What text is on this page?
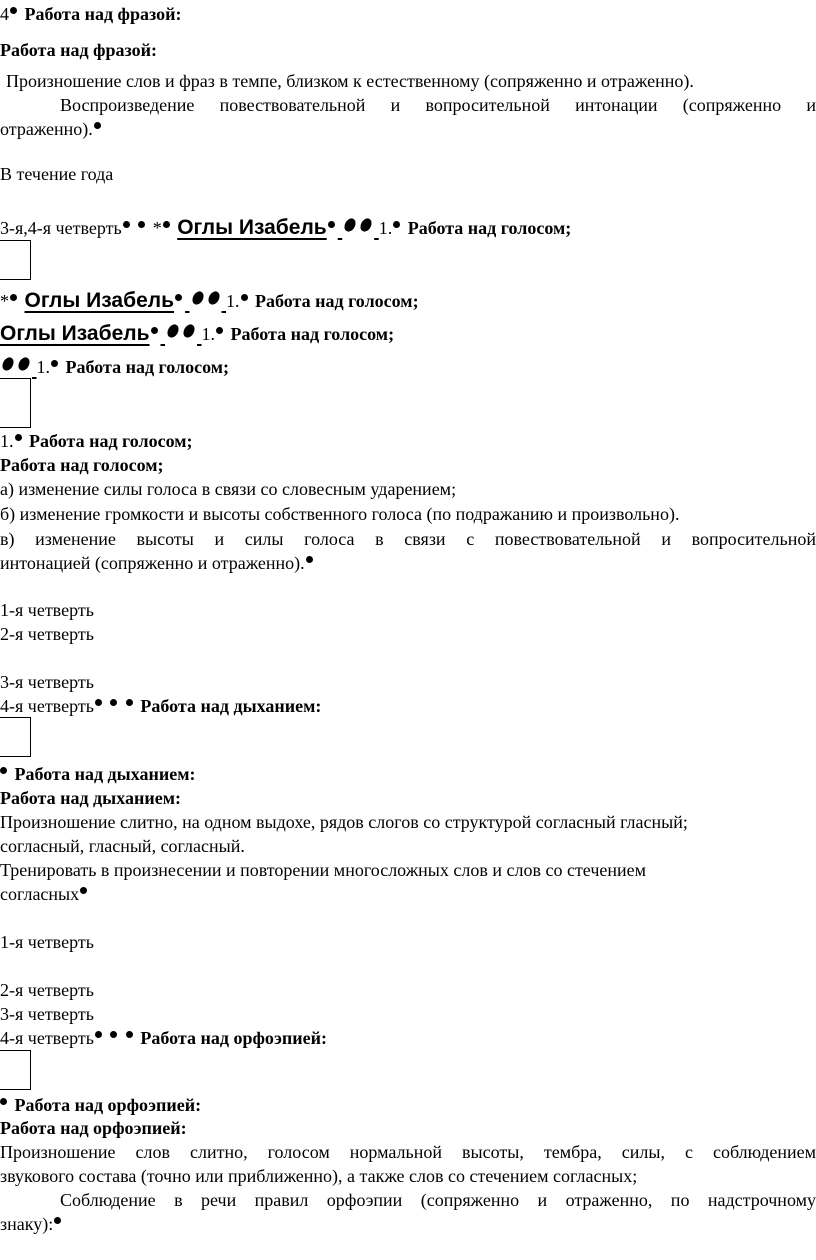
4 Работа над фразой:
Работа над фразой:
Произношение слов и фраз в темпе, близком к естественному (сопряженно и отраженно).
Воспроизведение повествовательной и вопросительной интонации (сопряженно и
отраженно).
В течение года
3-я,4-я четверть * Оглы Изабель	1. Работа над голосом;
* Оглы Изабель	1. Работа над голосом;
Оглы Изабель	1. Работа над голосом;
1. Работа над голосом;
1. Работа над голосом;
Работа над голосом;
а) изменение силы голоса в связи со словесным ударением;
б) изменение громкости и высоты собственного голоса (по подражанию и произвольно).
в) изменение высоты и силы голоса в связи с повествовательной и вопросительной
интонацией (сопряженно и отраженно).
1-я четверть
2-я четверть
3-я четверть
4-я четверть	Работа над дыханием:
Работа над дыханием:
Работа над дыханием:
Произношение слитно, на одном выдохе, рядов слогов со структурой согласный гласный;
согласный, гласный, согласный.
Тренировать в произнесении и повторении многосложных слов и слов со стечением
согласных
1-я четверть
2-я четверть
3-я четверть
4-я четверть	Работа над орфоэпией:
Работа над орфоэпией:
Работа над орфоэпией:
Произношение слов слитно, голосом нормальной высоты, тембра, силы, с соблюдением
звукового состава (точно или приближенно), а также слов со стечением согласных;
Соблюдение в речи правил орфоэпии (сопряженно и отраженно, по надстрочному
знаку):
